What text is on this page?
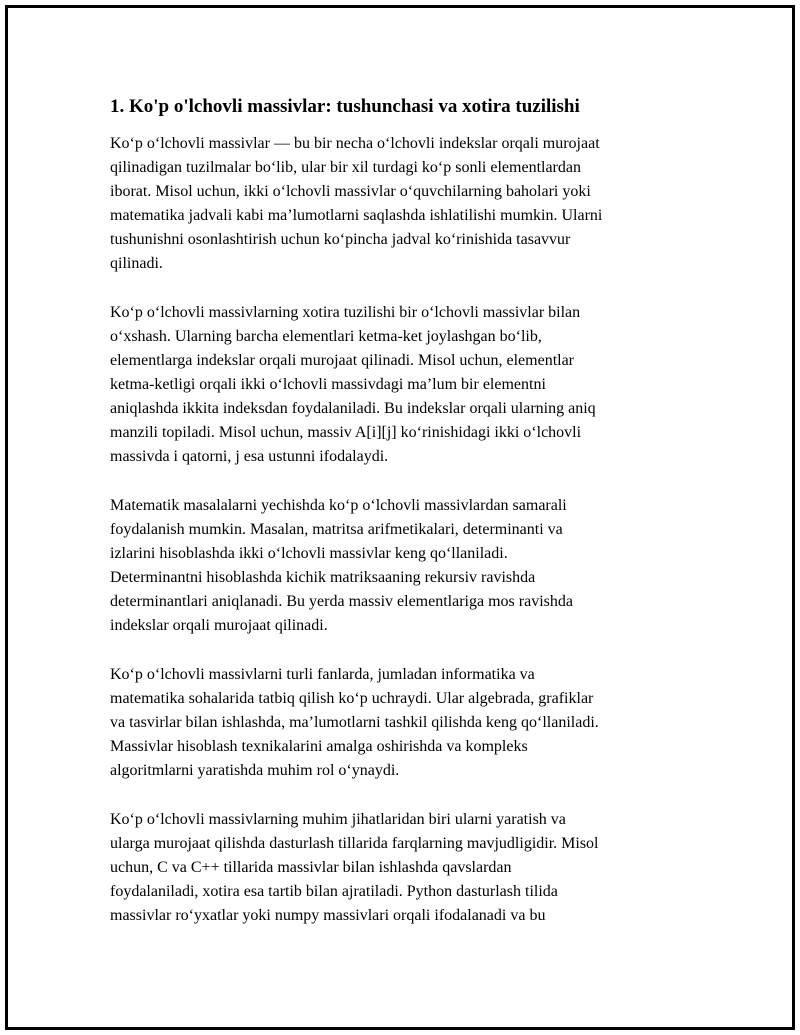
1. Ko'p o'lchovli massivlar: tushunchasi va xotira tuzilishi

Ko‘p o‘lchovli massivlar — bu bir necha o‘lchovli indekslar orqali murojaat
qilinadigan tuzilmalar bo‘lib, ular bir xil turdagi ko‘p sonli elementlardan
iborat. Misol uchun, ikki o‘lchovli massivlar o‘quvchilarning baholari yoki
matematika jadvali kabi ma’lumotlarni saqlashda ishlatilishi mumkin. Ularni
tushunishni osonlashtirish uchun ko‘pincha jadval ko‘rinishida tasavvur
qilinadi.

Ko‘p o‘lchovli massivlarning xotira tuzilishi bir o‘lchovli massivlar bilan
o‘xshash. Ularning barcha elementlari ketma-ket joylashgan bo‘lib,
elementlarga indekslar orqali murojaat qilinadi. Misol uchun, elementlar
ketma-ketligi orqali ikki o‘lchovli massivdagi ma’lum bir elementni
aniqlashda ikkita indeksdan foydalaniladi. Bu indekslar orqali ularning aniq
manzili topiladi. Misol uchun, massiv A[i][j] ko‘rinishidagi ikki o‘lchovli
massivda i qatorni, j esa ustunni ifodalaydi.

Matematik masalalarni yechishda ko‘p o‘lchovli massivlardan samarali
foydalanish mumkin. Masalan, matritsa arifmetikalari, determinanti va
izlarini hisoblashda ikki o‘lchovli massivlar keng qo‘llaniladi.
Determinantni hisoblashda kichik matriksaaning rekursiv ravishda
determinantlari aniqlanadi. Bu yerda massiv elementlariga mos ravishda
indekslar orqali murojaat qilinadi.

Ko‘p o‘lchovli massivlarni turli fanlarda, jumladan informatika va
matematika sohalarida tatbiq qilish ko‘p uchraydi. Ular algebrada, grafiklar
va tasvirlar bilan ishlashda, ma’lumotlarni tashkil qilishda keng qo‘llaniladi.
Massivlar hisoblash texnikalarini amalga oshirishda va kompleks
algoritmlarni yaratishda muhim rol o‘ynaydi.

Ko‘p o‘lchovli massivlarning muhim jihatlaridan biri ularni yaratish va
ularga murojaat qilishda dasturlash tillarida farqlarning mavjudligidir. Misol
uchun, C va C++ tillarida massivlar bilan ishlashda qavslardan
foydalaniladi, xotira esa tartib bilan ajratiladi. Python dasturlash tilida
massivlar ro‘yxatlar yoki numpy massivlari orqali ifodalanadi va bu
